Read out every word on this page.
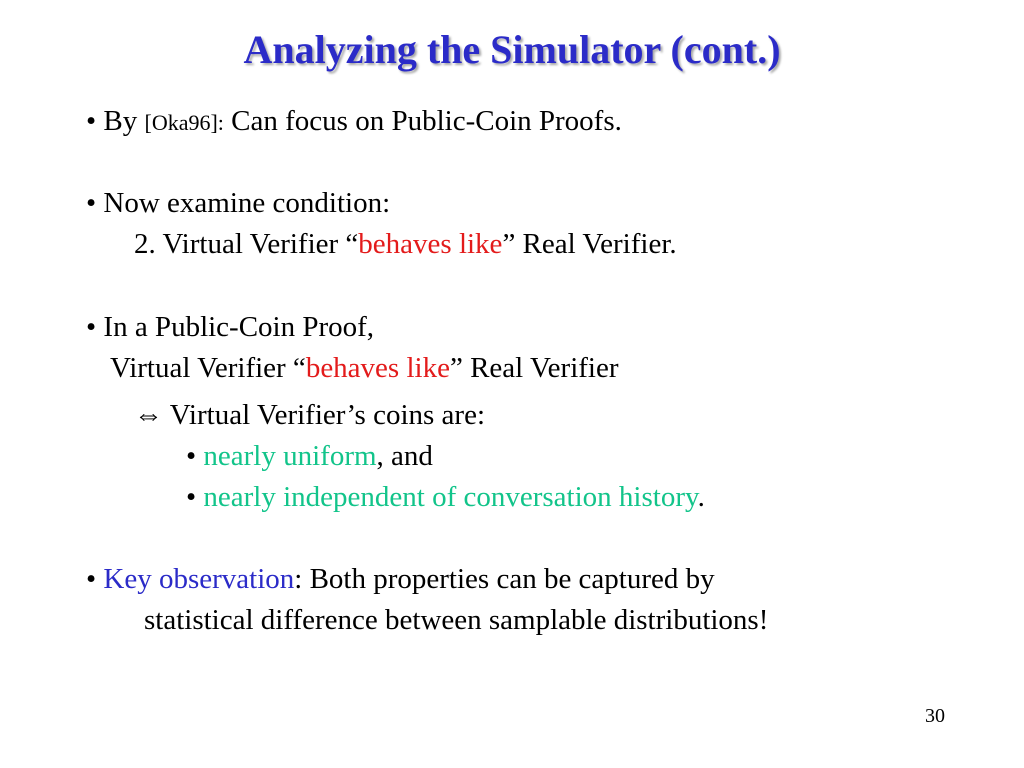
Analyzing the Simulator (cont.)
• By [Oka96]: Can focus on Public-Coin Proofs.
• Now examine condition:
2. Virtual Verifier “behaves like” Real Verifier.
• In a Public-Coin Proof,
Virtual Verifier “behaves like” Real Verifier
⇔ Virtual Verifier’s coins are:
• nearly uniform, and
• nearly independent of conversation history.
• Key observation: Both properties can be captured by
statistical difference between samplable distributions!
30
